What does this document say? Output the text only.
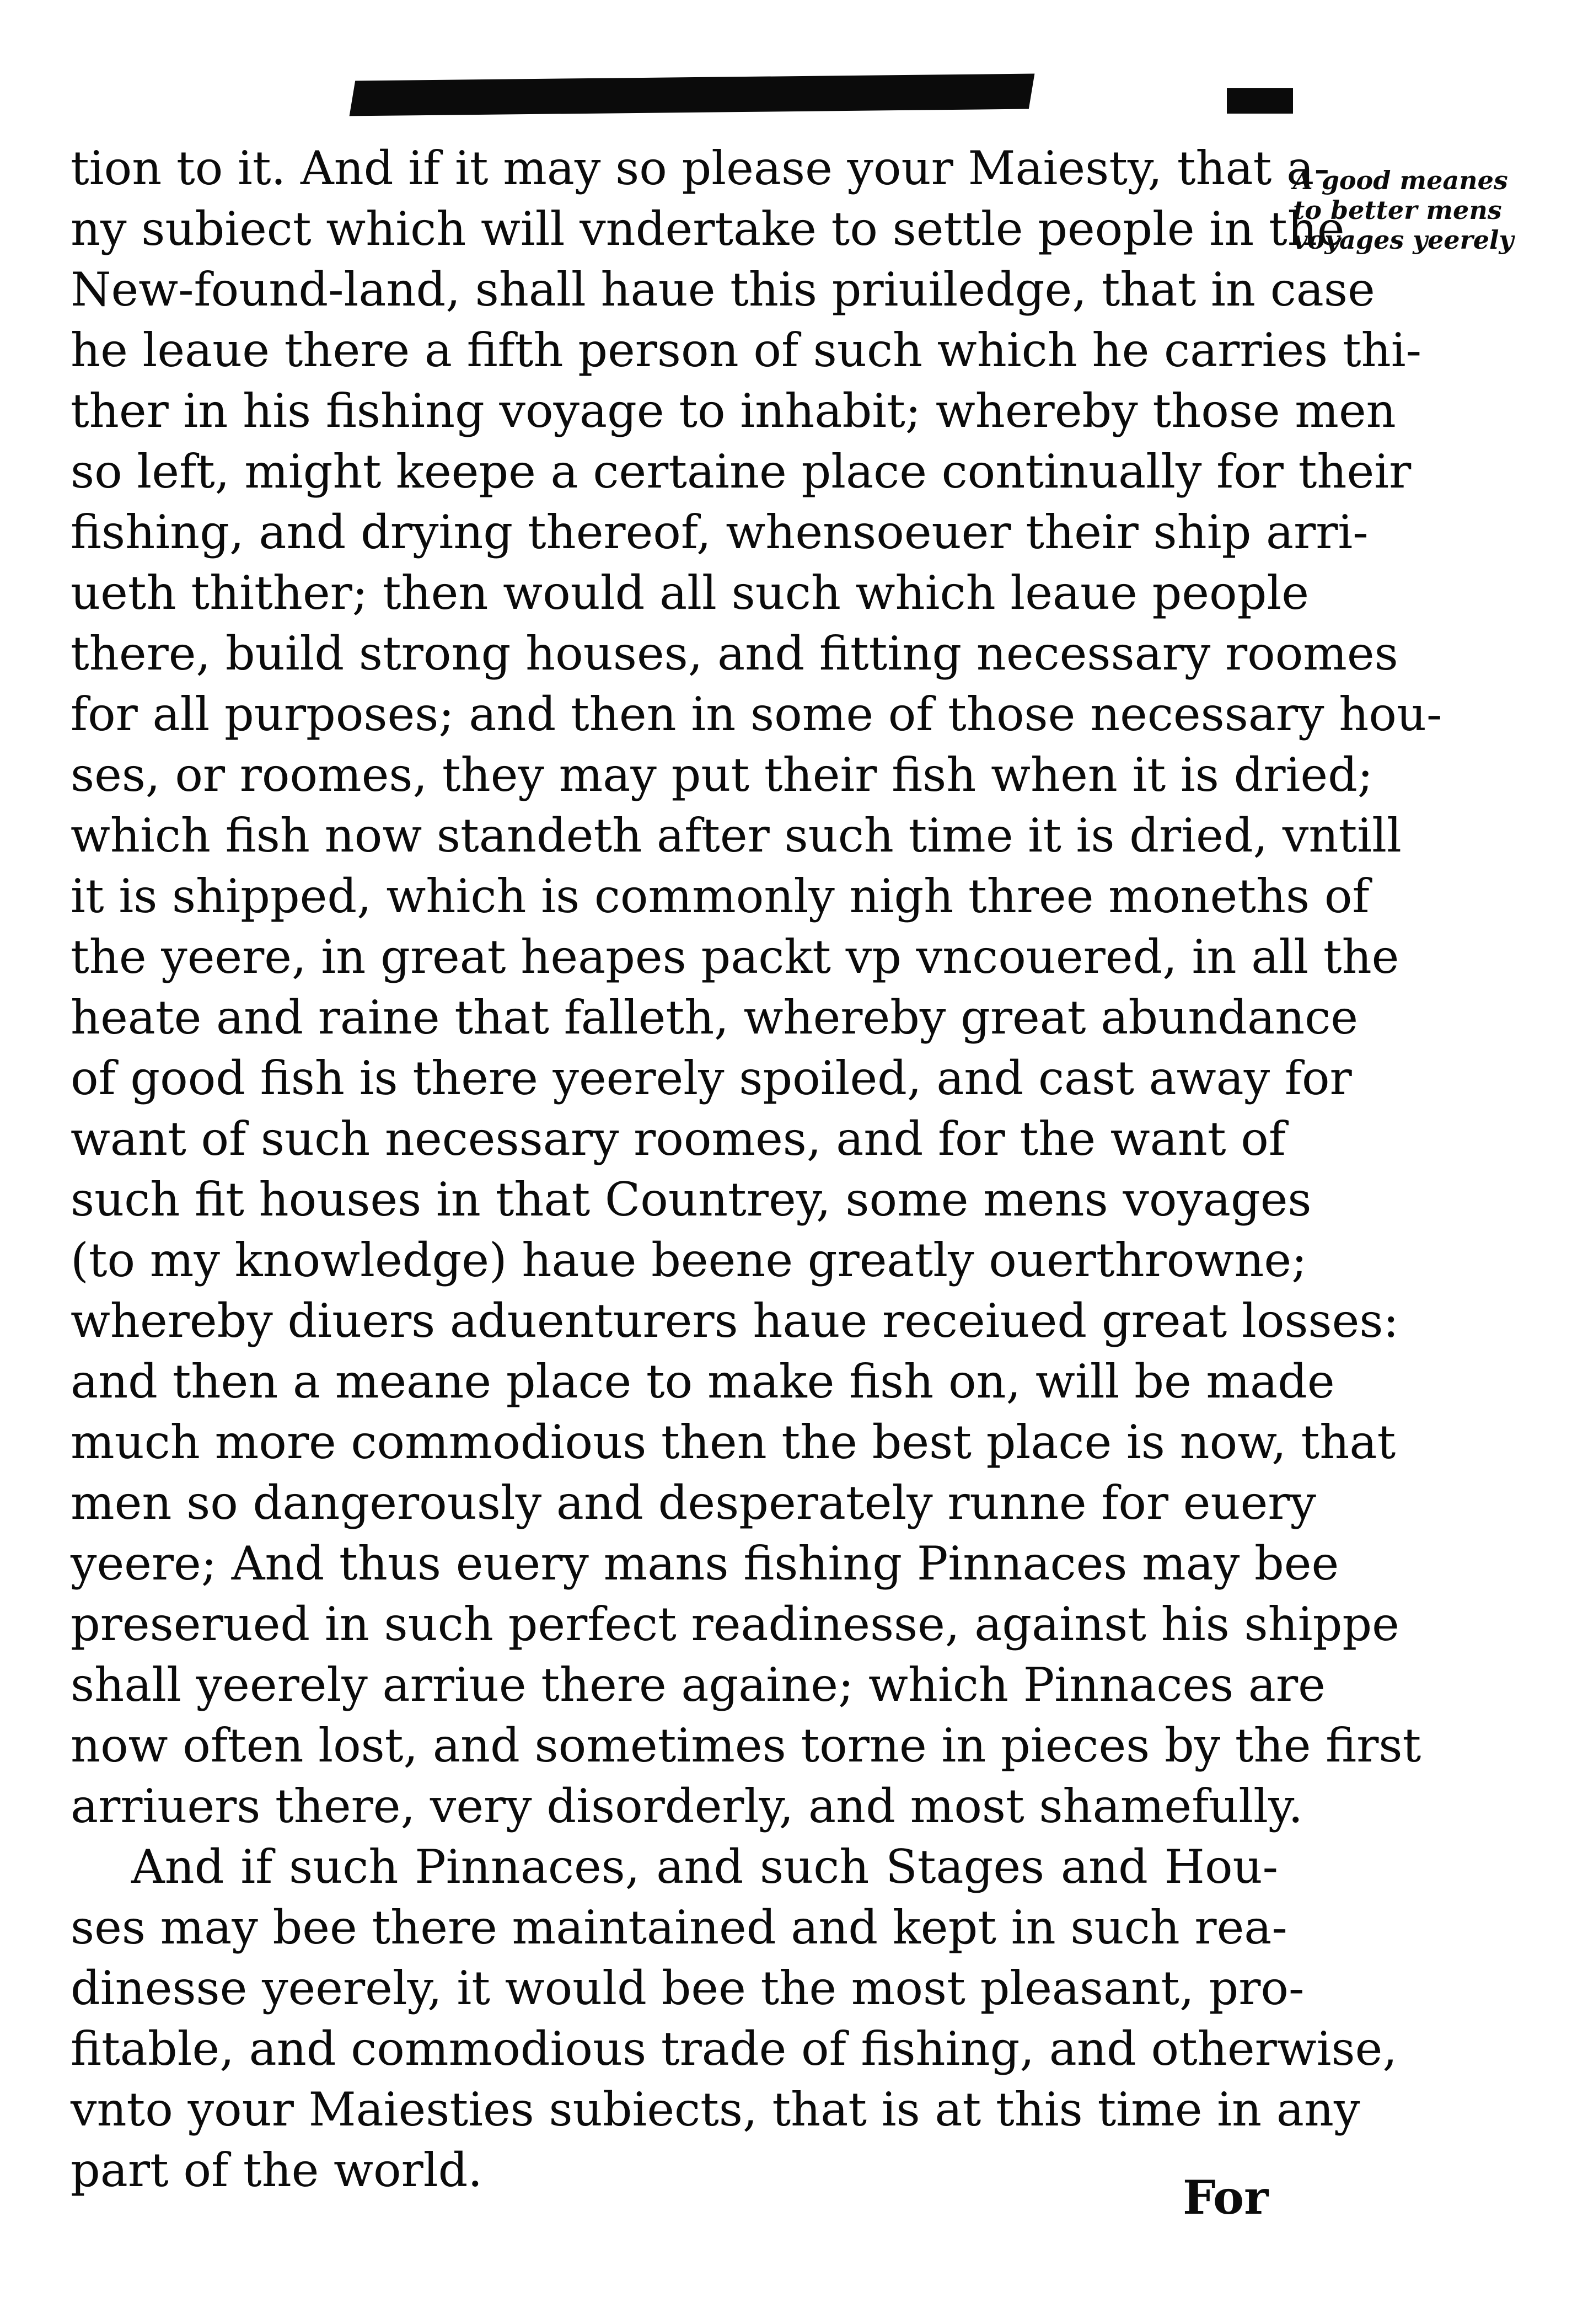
tion to it. And if it may so please your Maiesty, that a-
ny subiect which will vndertake to settle people in the
New-found-land, shall haue this priuiledge, that in case
he leaue there a fifth person of such which he carries thi-
ther in his fishing voyage to inhabit; whereby those men
so left, might keepe a certaine place continually for their
fishing, and drying thereof, whensoeuer their ship arri-
ueth thither; then would all such which leaue people
there, build strong houses, and fitting necessary roomes
for all purposes; and then in some of those necessary hou-
ses, or roomes, they may put their fish when it is dried;
which fish now standeth after such time it is dried, vntill
it is shipped, which is commonly nigh three moneths of
the yeere, in great heapes packt vp vncouered, in all the
heate and raine that falleth, whereby great abundance
of good fish is there yeerely spoiled, and cast away for
want of such necessary roomes, and for the want of
such fit houses in that Countrey, some mens voyages
(to my knowledge) haue beene greatly ouerthrowne;
whereby diuers aduenturers haue receiued great losses:
and then a meane place to make fish on, will be made
much more commodious then the best place is now, that
men so dangerously and desperately runne for euery
yeere; And thus euery mans fishing Pinnaces may bee
preserued in such perfect readinesse, against his shippe
shall yeerely arriue there againe; which Pinnaces are
now often lost, and sometimes torne in pieces by the first
arriuers there, very disorderly, and most shamefully.
And if such Pinnaces, and such Stages and Hou-
ses may bee there maintained and kept in such rea-
dinesse yeerely, it would bee the most pleasant, pro-
fitable, and commodious trade of fishing, and otherwise,
vnto your Maiesties subiects, that is at this time in any
part of the world.
A good meanes
to better mens
voyages yeerely
For
